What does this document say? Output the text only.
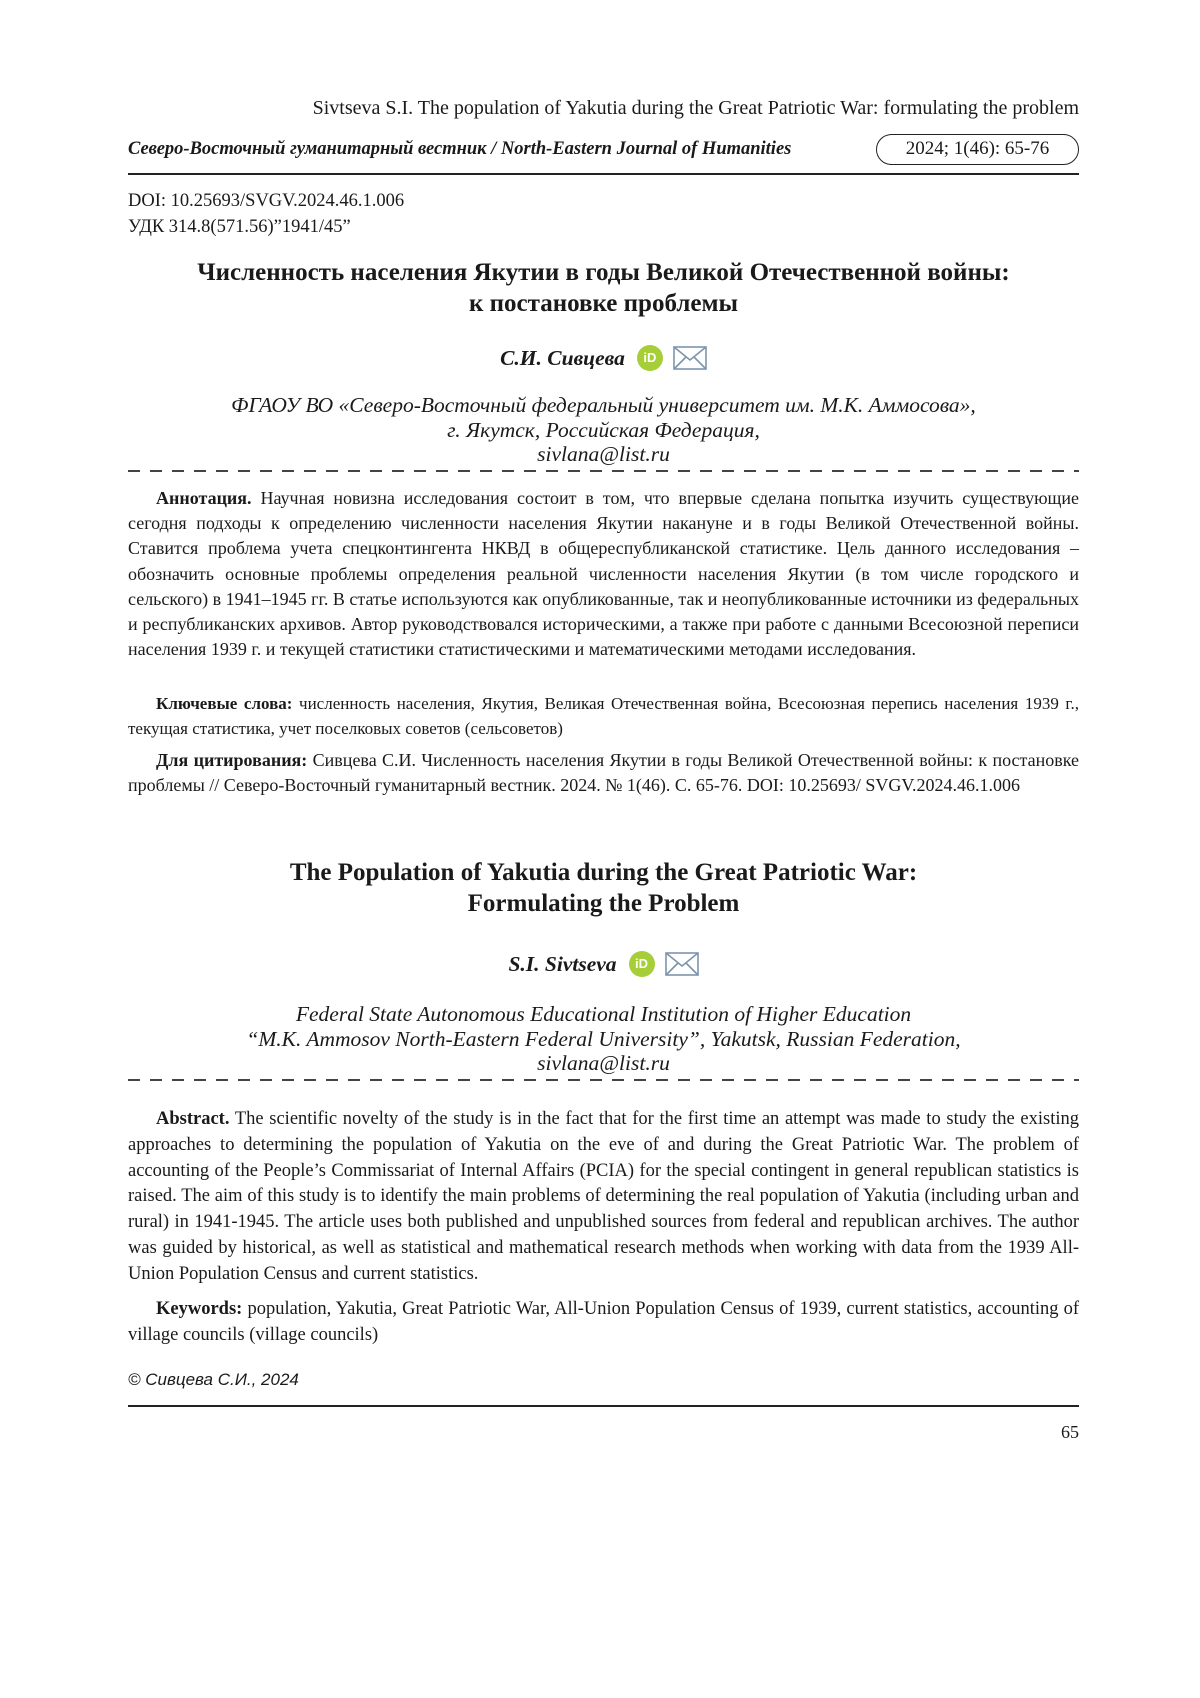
Sivtseva S.I. The population of Yakutia during the Great Patriotic War: formulating the problem
Северо-Восточный гуманитарный вестник / North-Eastern Journal of Humanities	2024; 1(46): 65-76
DOI: 10.25693/SVGV.2024.46.1.006
УДК 314.8(571.56)”1941/45”
Численность населения Якутии в годы Великой Отечественной войны:
к постановке проблемы
С.И. Сивцева iD
ФГАОУ ВО «Северо-Восточный федеральный университет им. М.К. Аммосова»,
г. Якутск, Российская Федерация,
sivlana@list.ru

Аннотация. Научная новизна исследования состоит в том, что впервые сделана попытка изучить существующие сегодня подходы к определению численности населения Якутии накануне и в годы Великой Отечественной войны. Ставится проблема учета спецконтингента НКВД в общереспубликанской статистике. Цель данного исследования – обозначить основные проблемы определения реальной численности населения Якутии (в том числе городского и сельского) в 1941–1945 гг. В статье используются как опубликованные, так и неопубликованные источники из федеральных и республиканских архивов. Автор руководствовался историческими, а также при работе с данными Всесоюзной переписи населения 1939 г. и текущей статистики статистическими и математическими методами исследования.

Ключевые слова: численность населения, Якутия, Великая Отечественная война, Всесоюзная перепись населения 1939 г., текущая статистика, учет поселковых советов (сельсоветов)

Для цитирования: Сивцева С.И. Численность населения Якутии в годы Великой Отечественной войны: к постановке проблемы // Северо-Восточный гуманитарный вестник. 2024. № 1(46). С. 65-76. DOI: 10.25693/ SVGV.2024.46.1.006

The Population of Yakutia during the Great Patriotic War:
Formulating the Problem
S.I. Sivtseva iD
Federal State Autonomous Educational Institution of Higher Education
“M.K. Ammosov North-Eastern Federal University”, Yakutsk, Russian Federation,
sivlana@list.ru

Abstract. The scientific novelty of the study is in the fact that for the first time an attempt was made to study the existing approaches to determining the population of Yakutia on the eve of and during the Great Patriotic War. The problem of accounting of the People’s Commissariat of Internal Affairs (PCIA) for the special contingent in general republican statistics is raised. The aim of this study is to identify the main problems of determining the real population of Yakutia (including urban and rural) in 1941-1945. The article uses both published and unpublished sources from federal and republican archives. The author was guided by historical, as well as statistical and mathematical research methods when working with data from the 1939 All-Union Population Census and current statistics.

Keywords: population, Yakutia, Great Patriotic War, All-Union Population Census of 1939, current statistics, accounting of village councils (village councils)

© Сивцева С.И., 2024
65
